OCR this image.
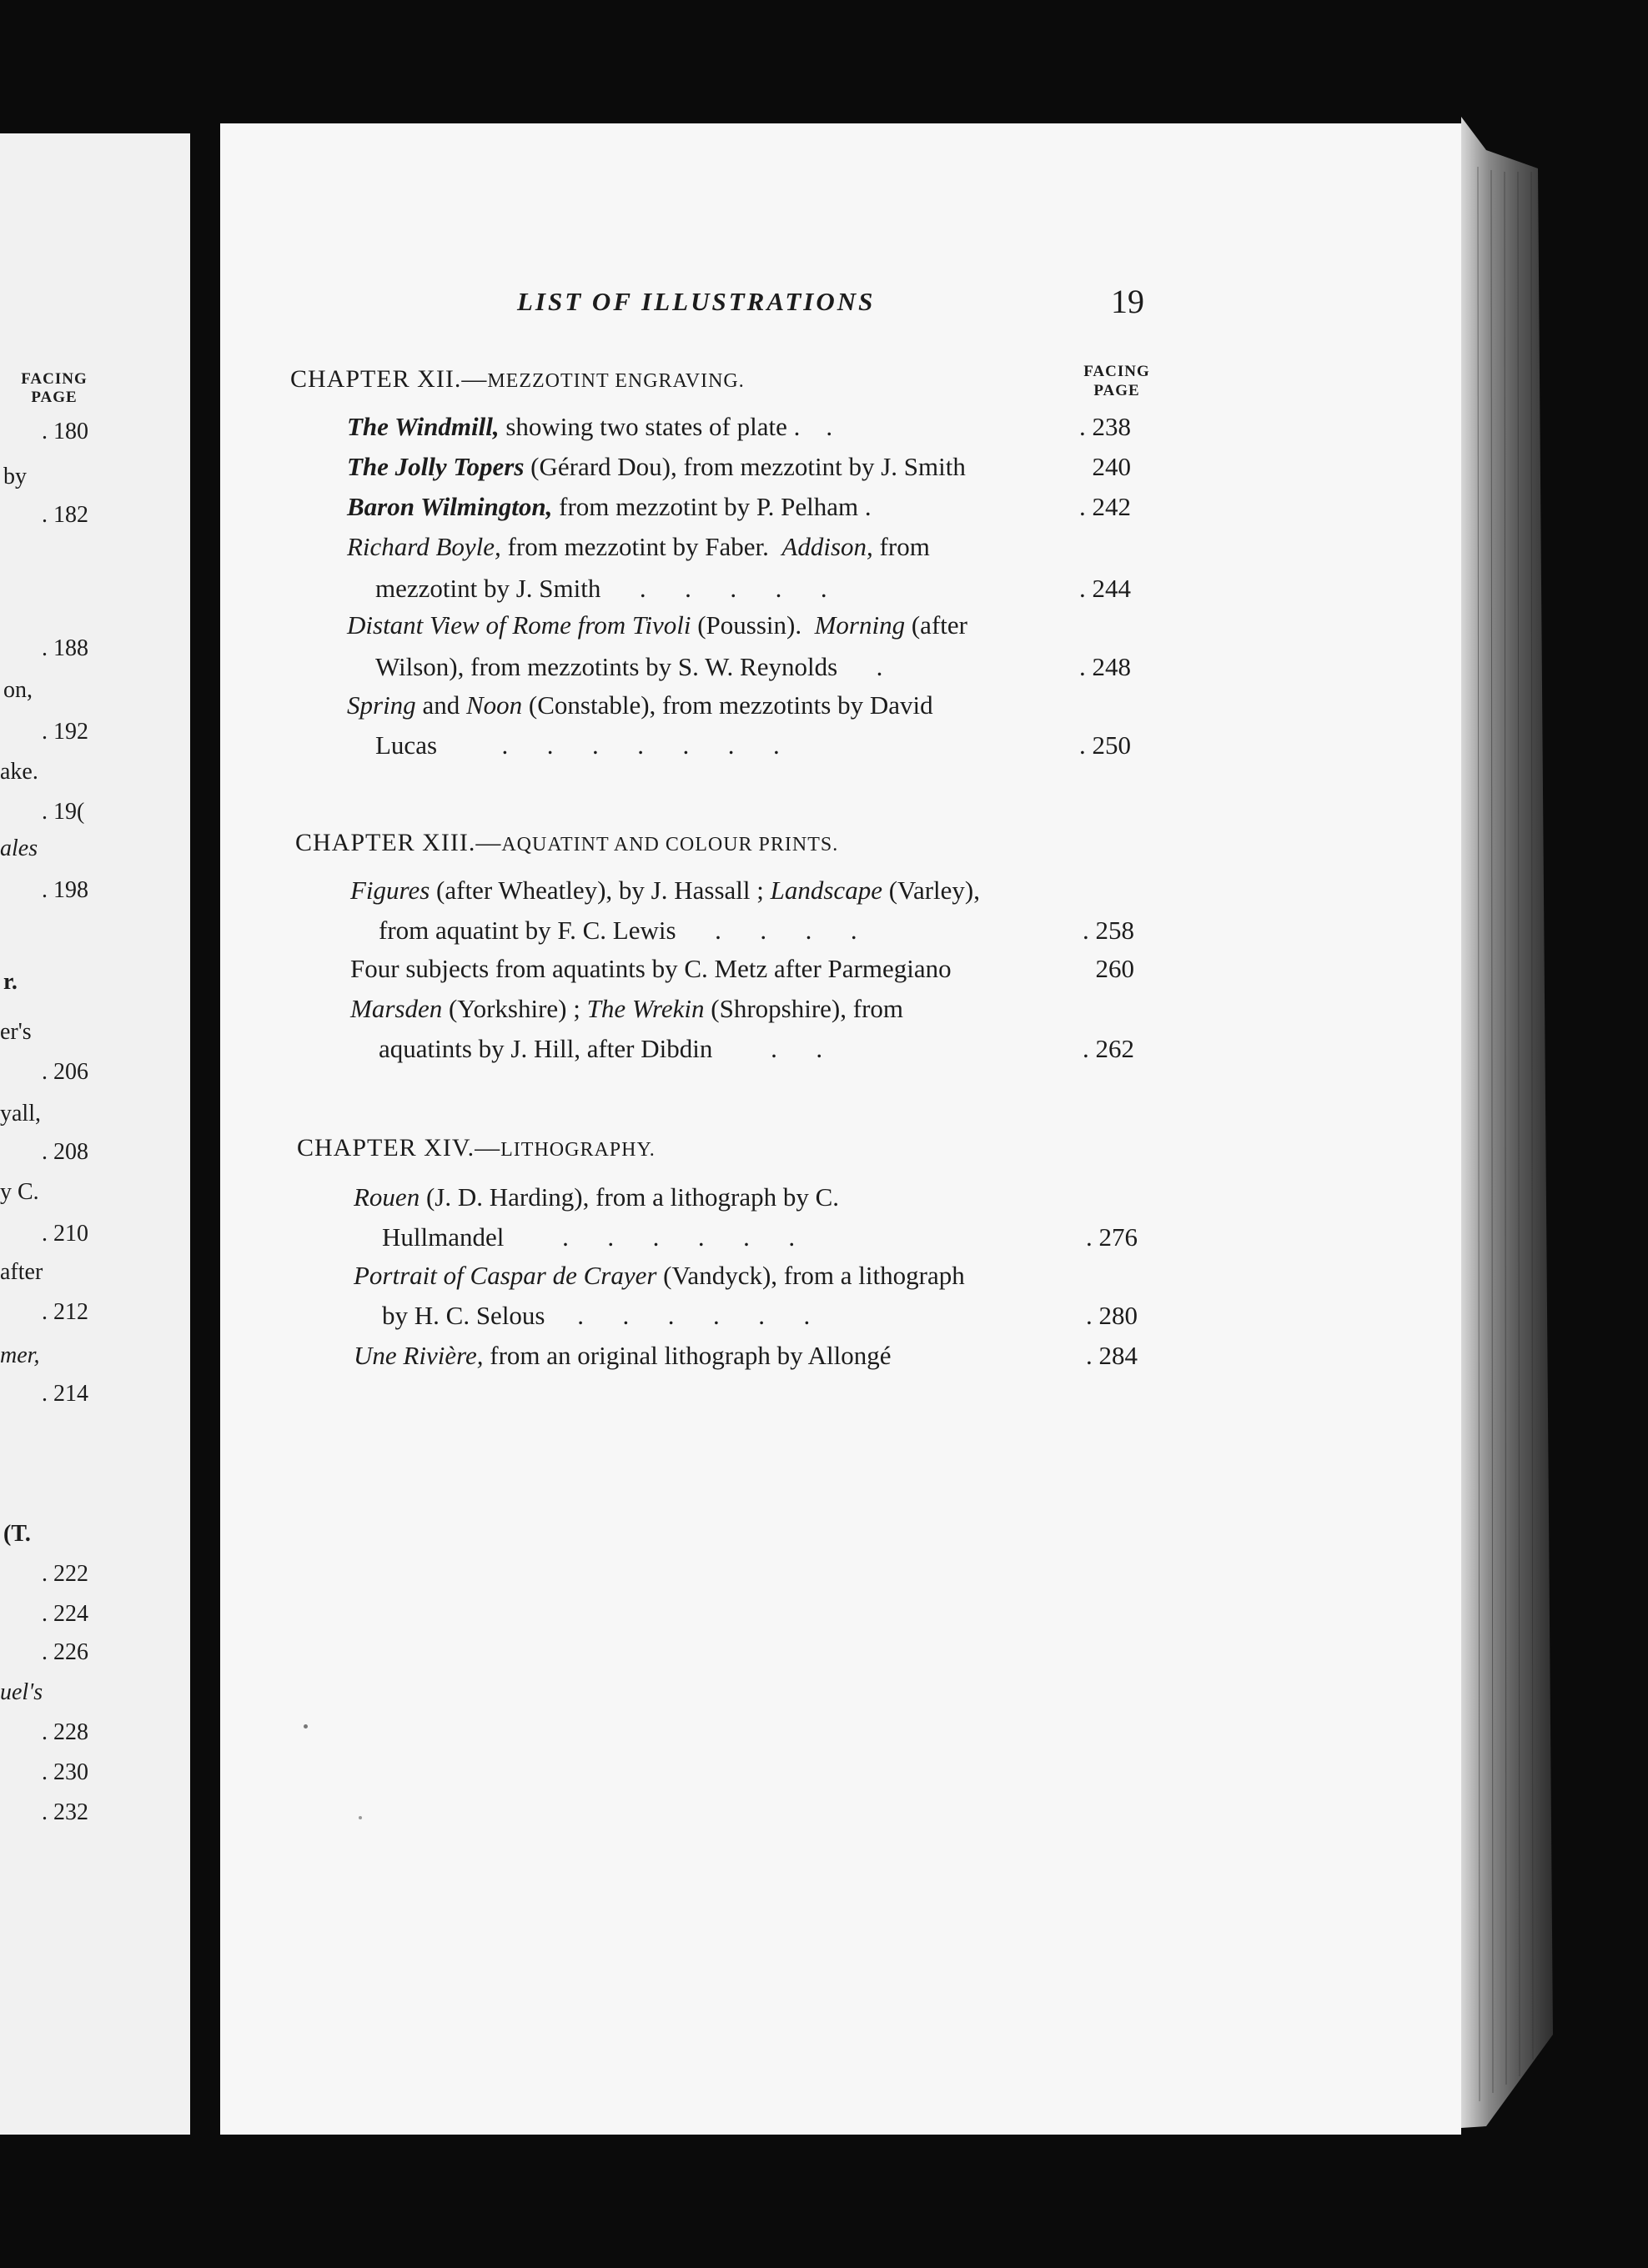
FACING
PAGE
. 180
by
. 182
. 188
on,
. 192
ake.
. 19(
ales
. 198
r.
er's
. 206
yall,
. 208
y C.
. 210
after
. 212
mer,
. 214
(T.
. 222
. 224
. 226
uel's
. 228
. 230
. 232
LIST OF ILLUSTRATIONS	19
CHAPTER XII.—MEZZOTINT ENGRAVING.	FACING
PAGE
The Windmill, showing two states of plate .    .	. 238
The Jolly Topers (Gérard Dou), from mezzotint by J. Smith	240
Baron Wilmington, from mezzotint by P. Pelham .	. 242
Richard Boyle, from mezzotint by Faber. Addison, from
mezzotint by J. Smith .      .      .      .      .	. 244
Distant View of Rome from Tivoli (Poussin). Morning (after
Wilson), from mezzotints by S. W. Reynolds .	. 248
Spring and Noon (Constable), from mezzotints by David
Lucas	.      .      .      .      .      .      .	. 250
CHAPTER XIII.—AQUATINT AND COLOUR PRINTS.
Figures (after Wheatley), by J. Hassall ; Landscape (Varley),
from aquatint by F. C. Lewis .      .      .      .	. 258
Four subjects from aquatints by C. Metz after Parmegiano	260
Marsden (Yorkshire) ; The Wrekin (Shropshire), from
aquatints by J. Hill, after Dibdin .      .	. 262
CHAPTER XIV.—LITHOGRAPHY.
Rouen (J. D. Harding), from a lithograph by C.
Hullmandel .      .      .      .      .      .	. 276
Portrait of Caspar de Crayer (Vandyck), from a lithograph
by H. C. Selous .      .      .      .      .      .	. 280
Une Rivière, from an original lithograph by Allongé	. 284
